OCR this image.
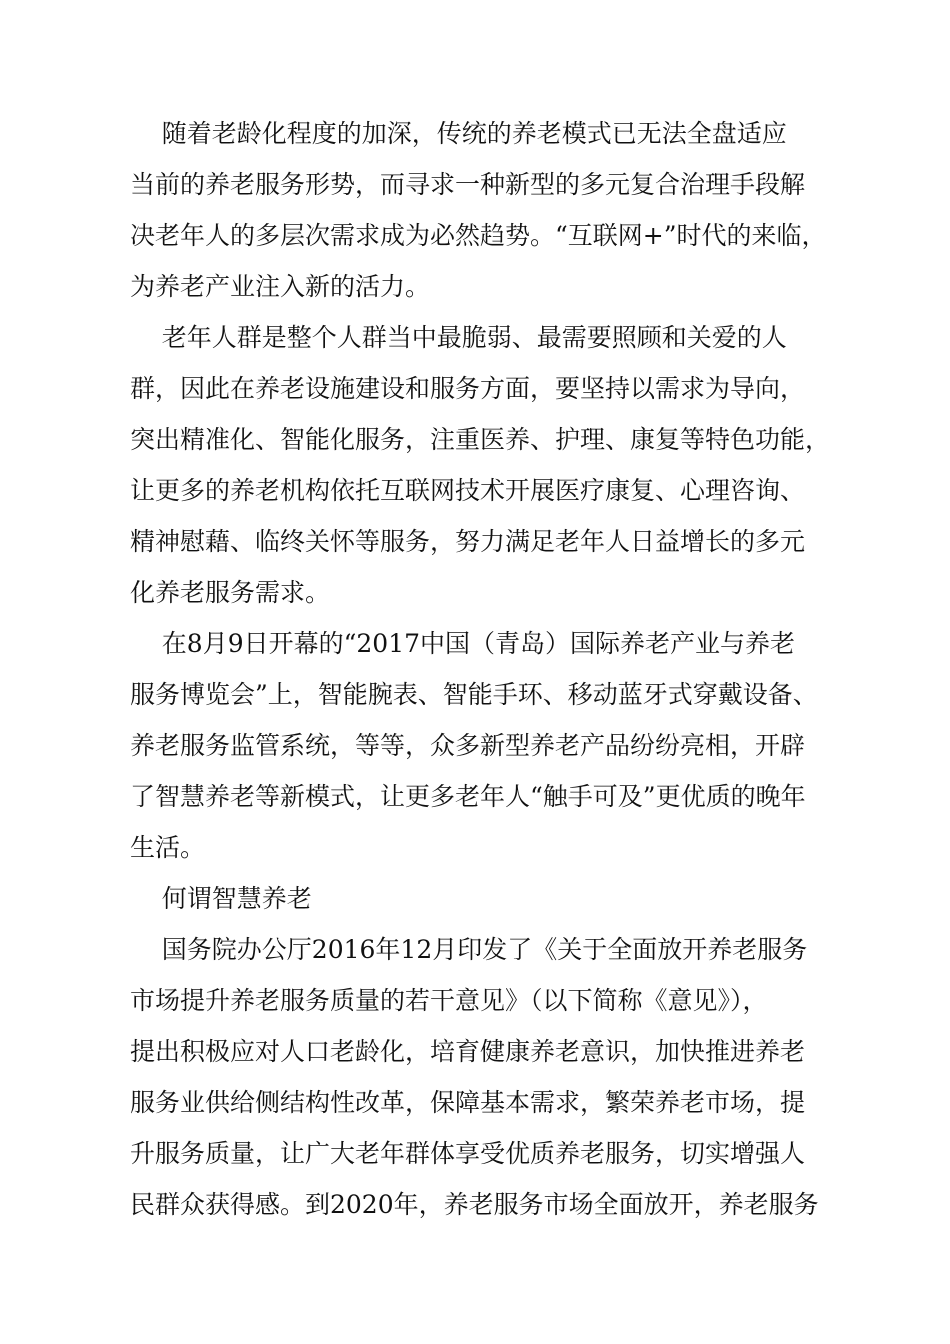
随着老龄化程度的加深，传统的养老模式已无法全盘适应
当前的养老服务形势，而寻求一种新型的多元复合治理手段解
决老年人的多层次需求成为必然趋势。“互联网+”时代的来临，
为养老产业注入新的活力。
老年人群是整个人群当中最脆弱、最需要照顾和关爱的人
群，因此在养老设施建设和服务方面，要坚持以需求为导向，
突出精准化、智能化服务，注重医养、护理、康复等特色功能，
让更多的养老机构依托互联网技术开展医疗康复、心理咨询、
精神慰藉、临终关怀等服务，努力满足老年人日益增长的多元
化养老服务需求。
在8月9日开幕的“2017中国（青岛）国际养老产业与养老
服务博览会”上，智能腕表、智能手环、移动蓝牙式穿戴设备、
养老服务监管系统，等等，众多新型养老产品纷纷亮相，开辟
了智慧养老等新模式，让更多老年人“触手可及”更优质的晚年
生活。
何谓智慧养老
国务院办公厅2016年12月印发了《关于全面放开养老服务
市场提升养老服务质量的若干意见》（以下简称《意见》），
提出积极应对人口老龄化，培育健康养老意识，加快推进养老
服务业供给侧结构性改革，保障基本需求，繁荣养老市场，提
升服务质量，让广大老年群体享受优质养老服务，切实增强人
民群众获得感。到2020年，养老服务市场全面放开，养老服务
